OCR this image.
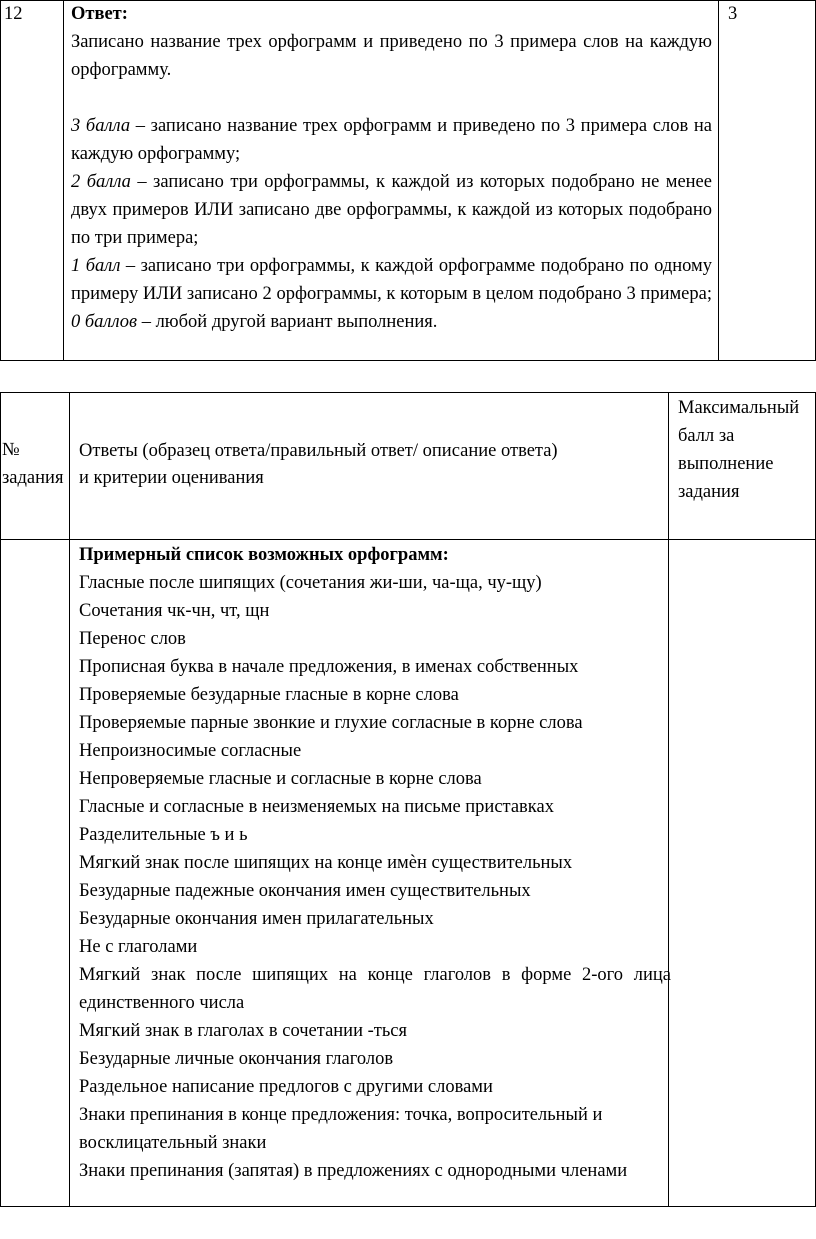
12	Ответ:
Записано название трех орфограмм и приведено по 3 примера слов на каждую орфограмму.
3 балла – записано название трех орфограмм и приведено по 3 примера слов на каждую орфограмму;
2 балла – записано три орфограммы, к каждой из которых подобрано не менее двух примеров ИЛИ записано две орфограммы, к каждой из которых подобрано по три примера;
1 балл – записано три орфограммы, к каждой орфограмме подобрано по одному примеру ИЛИ записано 2 орфограммы, к которым в целом подобрано 3 примера; 0 баллов – любой другой вариант выполнения.
3
№
задания
Ответы (образец ответа/правильный ответ/ описание ответа) и критерии оценивания
Максимальный балл за выполнение задания
Примерный список возможных орфограмм:
Гласные после шипящих (сочетания жи-ши, ча-ща, чу-щу)
Сочетания чк-чн, чт, щн
Перенос слов
Прописная буква в начале предложения, в именах собственных
Проверяемые безударные гласные в корне слова
Проверяемые парные звонкие и глухие согласные в корне слова
Непроизносимые согласные
Непроверяемые гласные и согласные в корне слова
Гласные и согласные в неизменяемых на письме приставках
Разделительные ъ и ь
Мягкий знак после шипящих на конце имѐн существительных
Безударные падежные окончания имен существительных
Безударные окончания имен прилагательных
Не с глаголами
Мягкий знак после шипящих на конце глаголов в форме 2-ого лица единственного числа
Мягкий знак в глаголах в сочетании -ться
Безударные личные окончания глаголов
Раздельное написание предлогов с другими словами
Знаки препинания в конце предложения: точка, вопросительный и восклицательный знаки
Знаки препинания (запятая) в предложениях с однородными членами
